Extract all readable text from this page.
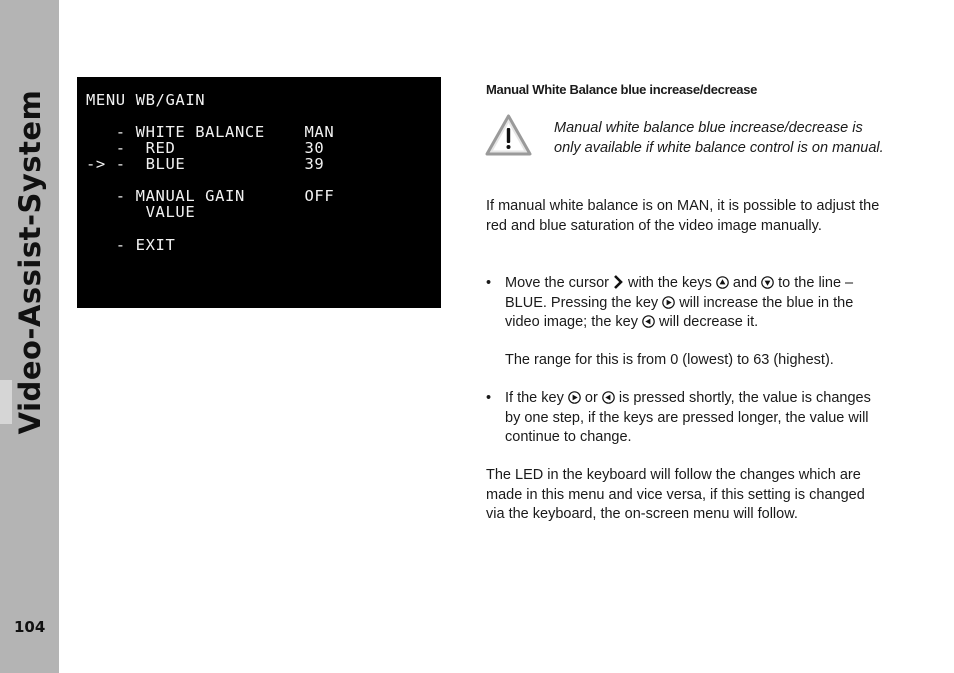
Video-Assist-System
104
MENU WB/GAIN
- WHITE BALANCE    MAN
-  RED             30
-> -  BLUE            39
- MANUAL GAIN      OFF
VALUE
- EXIT
Manual White Balance blue increase/decrease
Manual white balance blue increase/decrease is only available if white balance control is on manual.
If manual white balance is on MAN, it is possible to adjust the red and blue saturation of the video image manually.
• Move the cursor  with the keys  and  to the line – BLUE. Pressing the key  will increase the blue in the video image; the key  will decrease it.
The range for this is from 0 (lowest) to 63 (highest).
• If the key  or  is pressed shortly, the value is changes by one step, if the keys are pressed longer, the value will continue to change.
The LED in the keyboard will follow the changes which are made in this menu and vice versa, if this setting is changed via the keyboard, the on-screen menu will follow.
